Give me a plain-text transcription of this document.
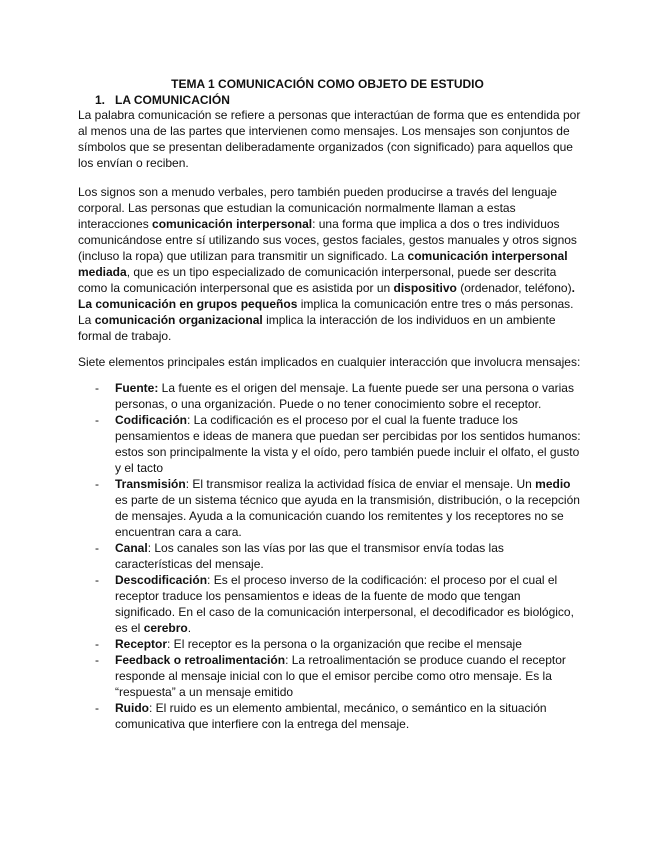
TEMA 1 COMUNICACIÓN COMO OBJETO DE ESTUDIO
1. LA COMUNICACIÓN
La palabra comunicación se refiere a personas que interactúan de forma que es entendida por al menos una de las partes que intervienen como mensajes. Los mensajes son conjuntos de símbolos que se presentan deliberadamente organizados (con significado) para aquellos que los envían o reciben.
Los signos son a menudo verbales, pero también pueden producirse a través del lenguaje corporal. Las personas que estudian la comunicación normalmente llaman a estas interacciones comunicación interpersonal: una forma que implica a dos o tres individuos comunicándose entre sí utilizando sus voces, gestos faciales, gestos manuales y otros signos (incluso la ropa) que utilizan para transmitir un significado. La comunicación interpersonal mediada, que es un tipo especializado de comunicación interpersonal, puede ser descrita como la comunicación interpersonal que es asistida por un dispositivo (ordenador, teléfono). La comunicación en grupos pequeños implica la comunicación entre tres o más personas. La comunicación organizacional implica la interacción de los individuos en un ambiente formal de trabajo.
Siete elementos principales están implicados en cualquier interacción que involucra mensajes:
- Fuente: La fuente es el origen del mensaje. La fuente puede ser una persona o varias personas, o una organización. Puede o no tener conocimiento sobre el receptor.
- Codificación: La codificación es el proceso por el cual la fuente traduce los pensamientos e ideas de manera que puedan ser percibidas por los sentidos humanos: estos son principalmente la vista y el oído, pero también puede incluir el olfato, el gusto y el tacto
- Transmisión: El transmisor realiza la actividad física de enviar el mensaje. Un medio es parte de un sistema técnico que ayuda en la transmisión, distribución, o la recepción de mensajes. Ayuda a la comunicación cuando los remitentes y los receptores no se encuentran cara a cara.
- Canal: Los canales son las vías por las que el transmisor envía todas las características del mensaje.
- Descodificación: Es el proceso inverso de la codificación: el proceso por el cual el receptor traduce los pensamientos e ideas de la fuente de modo que tengan significado. En el caso de la comunicación interpersonal, el decodificador es biológico, es el cerebro.
- Receptor: El receptor es la persona o la organización que recibe el mensaje
- Feedback o retroalimentación: La retroalimentación se produce cuando el receptor responde al mensaje inicial con lo que el emisor percibe como otro mensaje. Es la “respuesta” a un mensaje emitido
- Ruido: El ruido es un elemento ambiental, mecánico, o semántico en la situación comunicativa que interfiere con la entrega del mensaje.
